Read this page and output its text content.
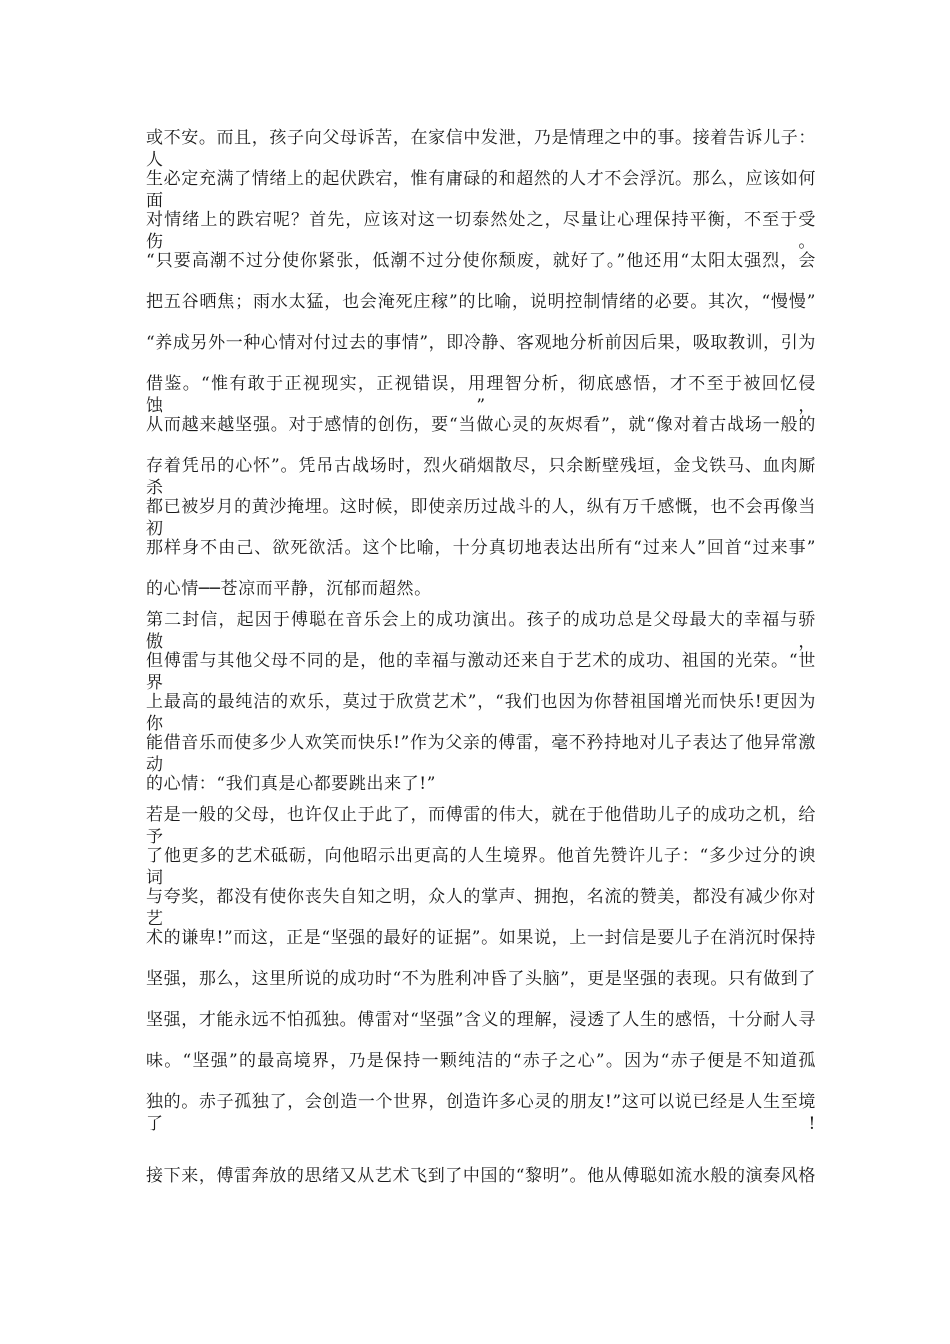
或不安。而且，孩子向父母诉苦，在家信中发泄，乃是情理之中的事。接着告诉儿子：人
生必定充满了情绪上的起伏跌宕，惟有庸碌的和超然的人才不会浮沉。那么，应该如何面
对情绪上的跌宕呢？首先，应该对这一切泰然处之，尽量让心理保持平衡，不至于受伤。
“只要高潮不过分使你紧张，低潮不过分使你颓废，就好了。”他还用“太阳太强烈，会
把五谷晒焦；雨水太猛，也会淹死庄稼”的比喻，说明控制情绪的必要。其次，“慢慢”
“养成另外一种心情对付过去的事情”，即冷静、客观地分析前因后果，吸取教训，引为
借鉴。“惟有敢于正视现实，正视错误，用理智分析，彻底感悟，才不至于被回忆侵蚀”，
从而越来越坚强。对于感情的创伤，要“当做心灵的灰烬看”，就“像对着古战场一般的
存着凭吊的心怀”。凭吊古战场时，烈火硝烟散尽，只余断壁残垣，金戈铁马、血肉厮杀
都已被岁月的黄沙掩埋。这时候，即使亲历过战斗的人，纵有万千感慨，也不会再像当初
那样身不由己、欲死欲活。这个比喻，十分真切地表达出所有“过来人”回首“过来事”
的心情──苍凉而平静，沉郁而超然。
第二封信，起因于傅聪在音乐会上的成功演出。孩子的成功总是父母最大的幸福与骄傲，
但傅雷与其他父母不同的是，他的幸福与激动还来自于艺术的成功、祖国的光荣。“世界
上最高的最纯洁的欢乐，莫过于欣赏艺术”，“我们也因为你替祖国增光而快乐!更因为你
能借音乐而使多少人欢笑而快乐!”作为父亲的傅雷，毫不矜持地对儿子表达了他异常激动
的心情：“我们真是心都要跳出来了!”
若是一般的父母，也许仅止于此了，而傅雷的伟大，就在于他借助儿子的成功之机，给予
了他更多的艺术砥砺，向他昭示出更高的人生境界。他首先赞许儿子：“多少过分的谀词
与夸奖，都没有使你丧失自知之明，众人的掌声、拥抱，名流的赞美，都没有减少你对艺
术的谦卑!”而这，正是“坚强的最好的证据”。如果说，上一封信是要儿子在消沉时保持
坚强，那么，这里所说的成功时“不为胜利冲昏了头脑”，更是坚强的表现。只有做到了
坚强，才能永远不怕孤独。傅雷对“坚强”含义的理解，浸透了人生的感悟，十分耐人寻
味。“坚强”的最高境界，乃是保持一颗纯洁的“赤子之心”。因为“赤子便是不知道孤
独的。赤子孤独了，会创造一个世界，创造许多心灵的朋友!”这可以说已经是人生至境了!
接下来，傅雷奔放的思绪又从艺术飞到了中国的“黎明”。他从傅聪如流水般的演奏风格
